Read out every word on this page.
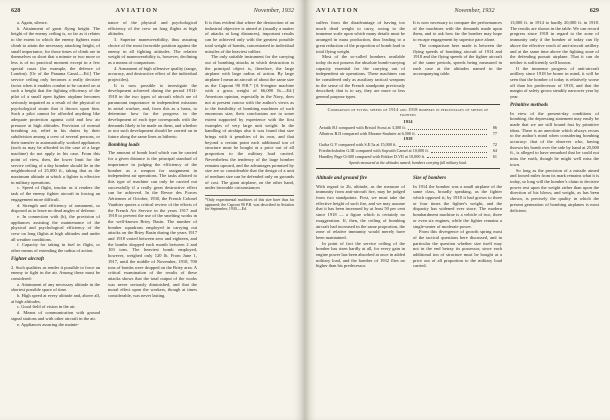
628	AVIATION	November, 1932

a. Again, silence.

b. Attainment of great flying height. The height of the enemy ceiling is, so far as it relates to the extent to which the enemy fighters must climb to attain the necessary attacking height, of small importance, for those times of climb are in themselves so short that a minute or two more or less is of no practical moment except in a few special cases (for example, the defence of London). [Or of the Panama Canal.—Ed.] The service ceiling only becomes a really decisive factor when it enables combat to be carried on at such a height that the fighting efficiency of the pilot of a small open fighter airplane becomes seriously impaired as a result of the physical or psychological strain that it throws upon him. Such a pilot cannot be afforded anything like adequate protection against cold and low air pressure at high altitudes. Provision of normal breathing air, relief in his duties by their subdivision among a crew of several persons, or their transfer to automatically worked appliances (such as may be afforded in the case of a large machine) do not apply in his case. From this point of view, then, the lower limit for the service ceiling of a day bomber should lie in the neighborhood of 25,000 ft., taking that as the maximum altitude at which a fighter is effective in military operations.

c. Speed of flight, insofar as it renders the task of the enemy fighter aircraft in forcing an engagement more difficult.

d. Strength and efficiency of armament, so disposed as to leave no dead angles of defense.

e. In connection with (b), the provision of appliances assisting the maintenance of the physical and psychological efficiency of the crew on long flights at high altitudes and under all weather conditions.

f. Capacity for taking in fuel in flight, or other means of extending the radius of action.

Fighter aircraft

2. Such qualities as render it possible to force an enemy to fight in the air. Among these must be considered:

a. Attainment of any necessary altitude in the shortest possible space of time.

b. High speed at every altitude and, above all, at high altitudes.

c. Good field of vision in the air.

d. Means of communication with ground signal stations and with other aircraft in the air.

e. Appliances assuring the mainte-

nance of the physical and psychological efficiency of the crew on long flights at high altitudes.

3. Superior maneuverability, thus assuring choice of the most favorable position against the enemy in all fighting attitudes. The relative weight of maneuverability is, however, declining as a means of comparison.

4. Armament of high offensive quality (range, accuracy, and destructive effect of the individual projectiles).

It is now possible to investigate the development achieved during the period 1914-1918 in the two types of aircraft which are of paramount importance in independent missions in aerial warfare, and, from this as a basis, to determine how far the progress in the development of each type corresponds with the demands likely to be made on them, and whether or not such development should be carried on in future along the same lines as hitherto.

Bombing loads

The amount of bomb load which can be carried for a given distance is the principal standard of importance in judging the efficiency of the bomber as a weapon for assignment in independent air operations. The tasks allotted to this type of machine can only be carried out successfully if a really great destructive effect can be achieved. In the Revue des Forces Aériennes of October, 1930, the French Colonel Vauthier quotes a critical review of the efforts of the French Air Service in the years 1917 and 1918 to prevent the use of the smelting works in the well-known Briey Basin. The number of bomber squadrons employed in carrying out attacks on the Briey Basin during the years 1917 and 1918 varied between zero and eighteen, and the bombs dropped each month between 2 and 103 tons. The heaviest bomb employed, however, weighed only 120 lb. From June 1, 1917, until the middle of November, 1918, 700 tons of bombs were dropped on the Briey area. A critical examination of the results of these attacks shows that the total output of the works was never seriously diminished, and that the moral effect upon the workers, though at times considerable, was never lasting.

It is thus evident that where the destruction of an industrial objective is aimed at (usually a matter of attacks at long distances), important results can be achieved only with the greatest possible total weight of bombs, concentrated in individual missiles of the heaviest caliber.

The only suitable instrument for the carrying out of bombing attacks in which destruction is the principal object is, therefore, the large airplane with large radius of action. By large airplane I mean an aircraft of about the same size as the Caproni 90 P.B.* [A 6-engine machine with a gross weight of 66,000 lb.—Ed.] American opinion, especially in the Navy, does not at present concur with the author's views as to the feasibility of bombing machines of such enormous size; their conclusions are to some extent supported by experience with the first examples of very large unit weight. In the handling of airships also it was found that size brings with it penalties of its own, and that beyond a certain point each additional ton of structure must be bought at a price out of all proportion to the military load carried. Nevertheless the tendency of the large bomber remains upward, and the advantages promised by size are so considerable that the design of a unit of medium size can be defended only on grounds of cost. The giant airplane, on the other hand, under favorable circumstances

*Only experimental machines of this size have thus far appeared; the Caproni 90 P.B. was described in Aviation for September, 1930.—Ed.
AVIATION	November, 1932	629

suffers from the disadvantage of having too much dead weight to carry, owing to the immense scale upon which many details must be arranged in mass production, thus leading to a great reduction of the proportion of bomb load to total flying weight.

Most of the so-called bombers available today do not possess the absolute bomb-carrying capacity essential for the carrying out of independent air operations. These machines can be considered only as auxiliary tactical weapons in the sense of the French standpoint previously described; that is to say, they are more or less general purpose types.

It is now necessary to compare the performances of the machines with the demands made upon them, and to ask how far the bomber may hope to escape engagement by superior pace alone.

The comparison here made is between the flying speeds of bombing aircraft of 1914 and 1918 and the flying speeds of the fighter aircraft of the same periods, speeds being measured in each case at the altitudes named in the accompanying table.

13,000 ft. in 1914 to hardly 20,000 ft. in 1918. The results are shown in the table. We can record progress since 1918 in regard to the zone of immunity only if the bomber of today can fly above the effective reach of anti-aircraft artillery and at the same time above the fighting zone of the defending pursuit airplane. That it can do neither is sufficiently well known.

If the immense progress of anti-aircraft artillery since 1918 be borne in mind, it will be seen that the bomber of today is relatively worse off than his predecessor of 1918, and that the margin of safety grows steadily narrower year by year.

Primitive methods

In view of the present-day conditions of bombing, the depressing statement may easily be made that we are still bound fast by primitive ideas. There is an anecdote which always recurs to the author's mind when considering bombing accuracy: that of the observer who, having thrown his bomb over the side by hand at 25,000 ft., is alleged to have remarked that he could not miss the earth, though he might well miss the town.

So long as the precision of a missile aimed and loosed miles from its mark remains what it is today, so long will the bomber's claim to decisive power rest upon the weight rather than upon the direction of his blows; and weight, as has been shown, is precisely the quality in which the present generation of bombing airplanes is most deficient.

Comparison of flying speeds of 1914 and 1918 bombers in percentages of speeds of fighters
1914
Aviatik B.I compared with Bristol Scout at 3,300 ft.	86
Albatros B.II compared with Morane-Saulnier at 6,500 ft.	77
1918
Gotha G.V compared with S.E.5a at 15,000 ft.	72
Friedrichshafen G.III compared with Sopwith Camel at 10,000 ft.	64
Handley Page O/400 compared with Fokker D.VII at 10,000 ft.	61
Speeds measured at the altitudes named; bombers carrying full military load.
Altitude and ground fire

With regard to 2b, altitude, as the measure of immunity from anti-aircraft fire, may be judged from two standpoints. First, we must take the effective height of such fire, and we may assume that it has been increased by at least 50 per cent since 1918 — a figure which is certainly no exaggeration. If, then, the ceiling of bombing aircraft had increased in the same proportion, the zone of relative immunity would merely have been maintained.

In point of fact the service ceiling of the bomber has risen hardly at all, for every gain in engine power has been absorbed at once in added military load, and the bomber of 1932 flies no higher than his predecessor.

Size of bombers

In 1914 the bomber was a small airplane of the same class, broadly speaking, as the fighter which opposed it; by 1918 it had grown to three or four times the fighter's weight, and the disparity has widened ever since. The modern bombardment machine is a vehicle of two, three or even six engines, while the fighter remains a single-seater of moderate power.

From this divergence of growth spring most of the tactical questions here discussed, and in particular the question whether size itself may not in the end betray its possessor, since each additional ton of structure must be bought at a price out of all proportion to the military load carried.
